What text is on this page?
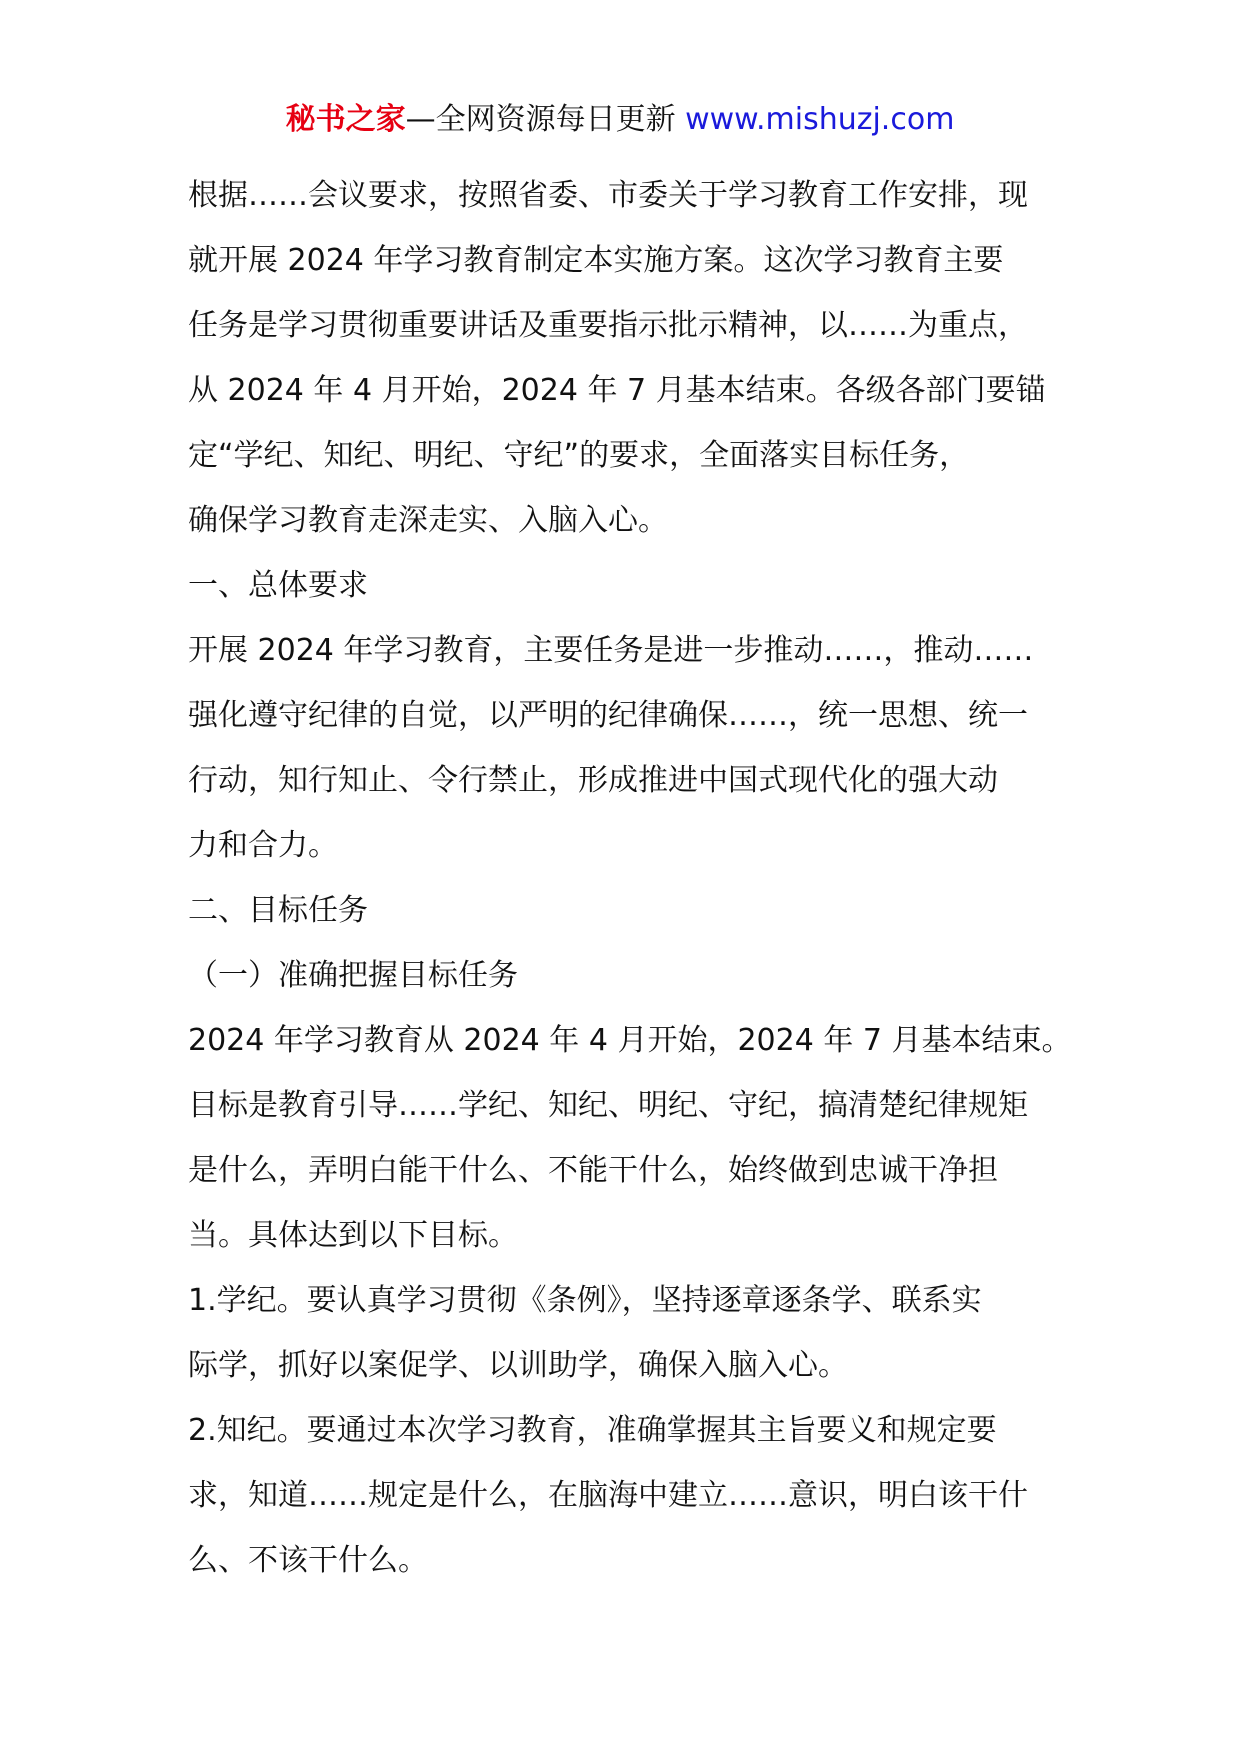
秘书之家—全网资源每日更新 www.mishuzj.com
根据……会议要求，按照省委、市委关于学习教育工作安排，现
就开展 2024 年学习教育制定本实施方案。这次学习教育主要
任务是学习贯彻重要讲话及重要指示批示精神，以……为重点，
从 2024 年 4 月开始，2024 年 7 月基本结束。各级各部门要锚
定“学纪、知纪、明纪、守纪”的要求，全面落实目标任务，
确保学习教育走深走实、入脑入心。
一、总体要求
开展 2024 年学习教育，主要任务是进一步推动……，推动……
强化遵守纪律的自觉，以严明的纪律确保……，统一思想、统一
行动，知行知止、令行禁止，形成推进中国式现代化的强大动
力和合力。
二、目标任务
（一）准确把握目标任务
2024 年学习教育从 2024 年 4 月开始，2024 年 7 月基本结束。
目标是教育引导……学纪、知纪、明纪、守纪，搞清楚纪律规矩
是什么，弄明白能干什么、不能干什么，始终做到忠诚干净担
当。具体达到以下目标。
1.学纪。要认真学习贯彻《条例》，坚持逐章逐条学、联系实
际学，抓好以案促学、以训助学，确保入脑入心。
2.知纪。要通过本次学习教育，准确掌握其主旨要义和规定要
求，知道……规定是什么，在脑海中建立……意识，明白该干什
么、不该干什么。
